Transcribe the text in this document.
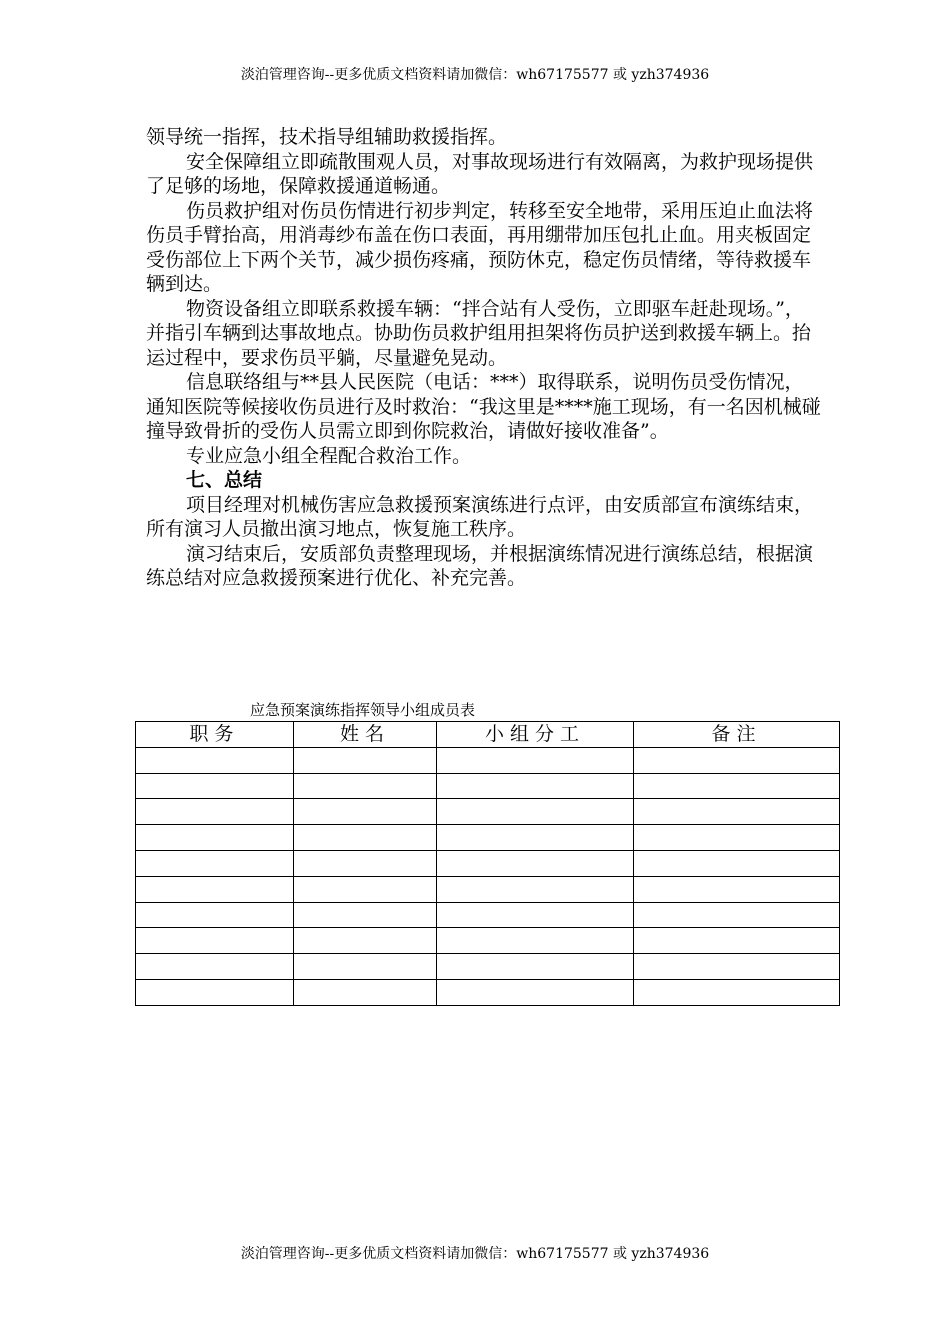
淡泊管理咨询--更多优质文档资料请加微信：wh67175577 或 yzh374936

领导统一指挥，技术指导组辅助救援指挥。

安全保障组立即疏散围观人员，对事故现场进行有效隔离，为救护现场提供了足够的场地，保障救援通道畅通。

伤员救护组对伤员伤情进行初步判定，转移至安全地带，采用压迫止血法将伤员手臂抬高，用消毒纱布盖在伤口表面，再用绷带加压包扎止血。用夹板固定受伤部位上下两个关节，减少损伤疼痛，预防休克，稳定伤员情绪，等待救援车辆到达。

物资设备组立即联系救援车辆：“拌合站有人受伤，立即驱车赶赴现场。”，并指引车辆到达事故地点。协助伤员救护组用担架将伤员护送到救援车辆上。抬运过程中，要求伤员平躺，尽量避免晃动。

信息联络组与**县人民医院（电话：***）取得联系，说明伤员受伤情况，通知医院等候接收伤员进行及时救治：“我这里是****施工现场，有一名因机械碰撞导致骨折的受伤人员需立即到你院救治，请做好接收准备”。

专业应急小组全程配合救治工作。

七、总结

项目经理对机械伤害应急救援预案演练进行点评，由安质部宣布演练结束，所有演习人员撤出演习地点，恢复施工秩序。

演习结束后，安质部负责整理现场，并根据演练情况进行演练总结，根据演练总结对应急救援预案进行优化、补充完善。

应急预案演练指挥领导小组成员表
职务	姓名	小组分工	备注

淡泊管理咨询--更多优质文档资料请加微信：wh67175577 或 yzh374936
